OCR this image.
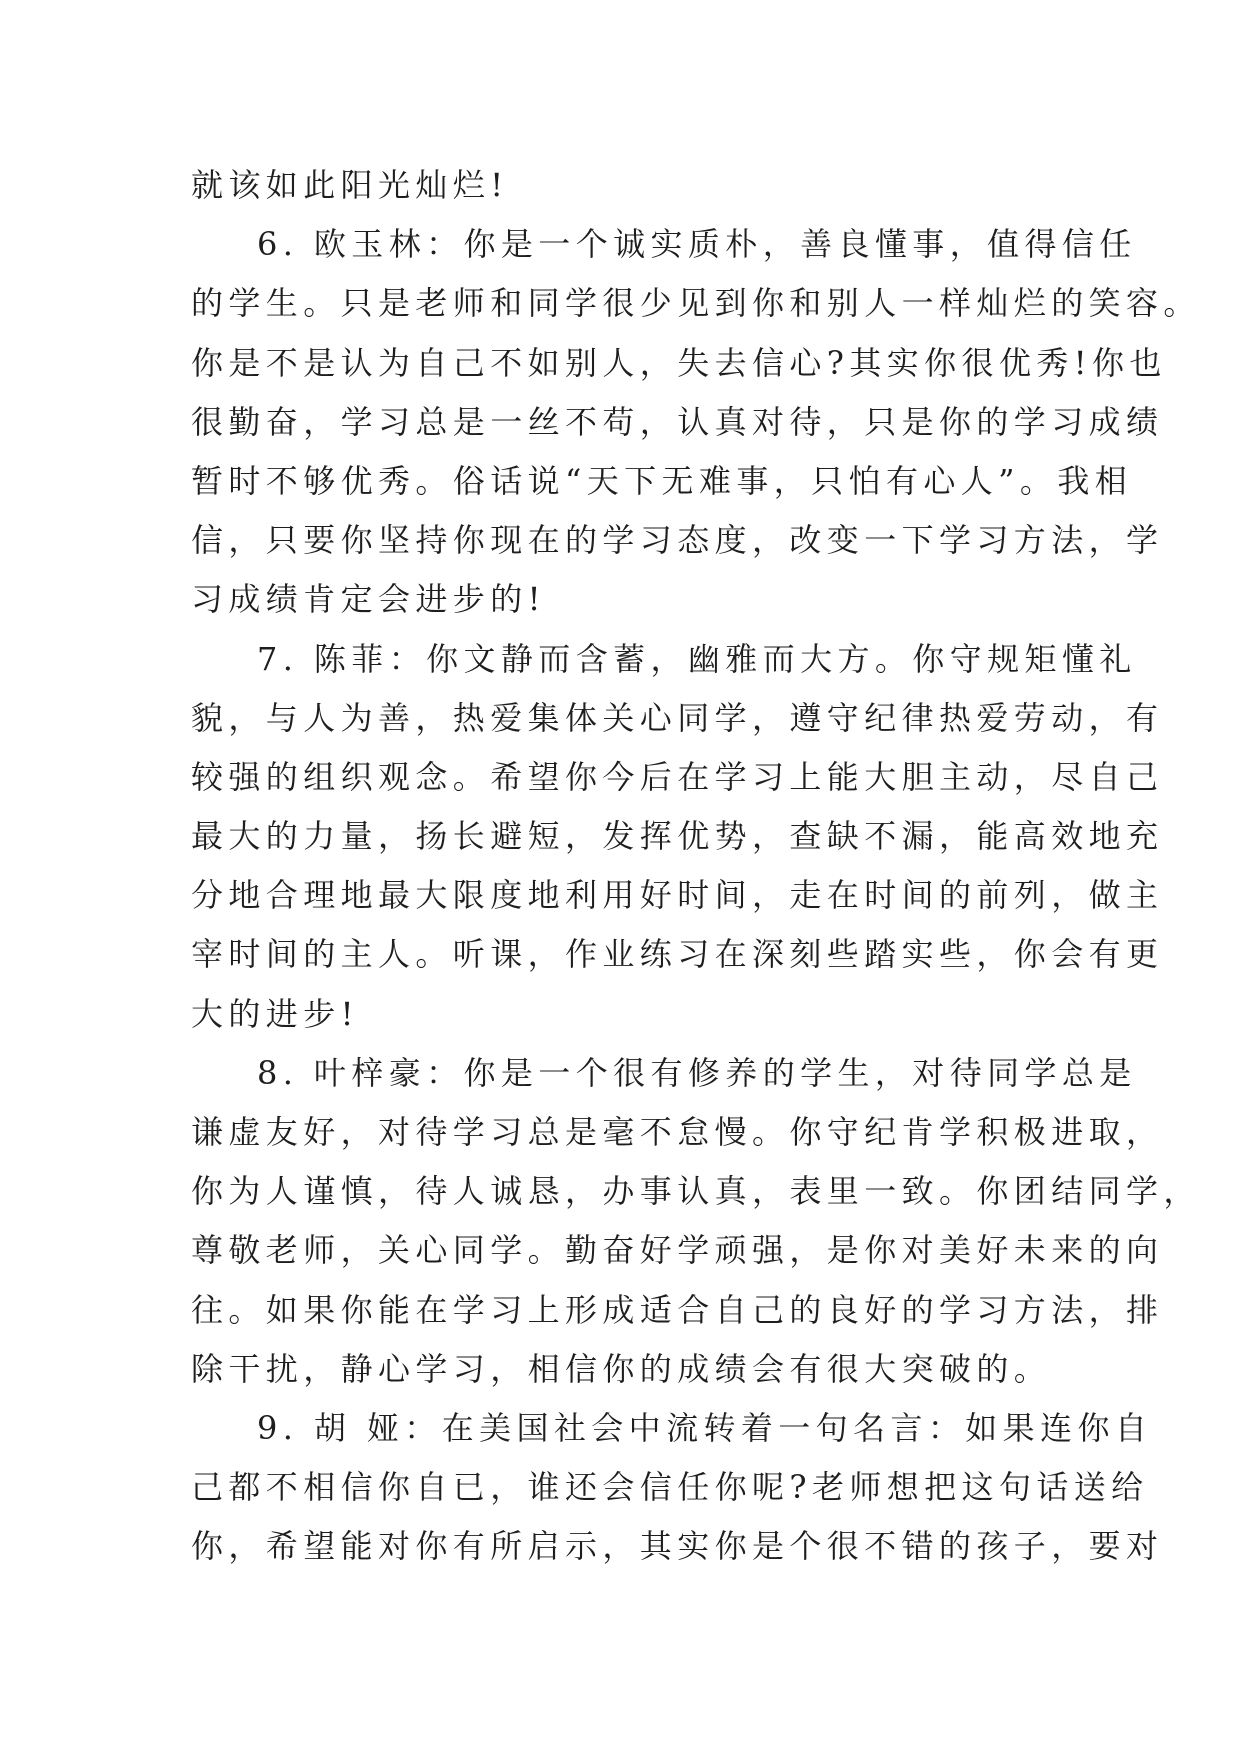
就该如此阳光灿烂!
6. 欧玉林：你是一个诚实质朴，善良懂事，值得信任
的学生。只是老师和同学很少见到你和别人一样灿烂的笑容。
你是不是认为自己不如别人，失去信心?其实你很优秀!你也
很勤奋，学习总是一丝不苟，认真对待，只是你的学习成绩
暂时不够优秀。俗话说“天下无难事，只怕有心人”。我相
信，只要你坚持你现在的学习态度，改变一下学习方法，学
习成绩肯定会进步的!
7. 陈菲：你文静而含蓄，幽雅而大方。你守规矩懂礼
貌，与人为善，热爱集体关心同学，遵守纪律热爱劳动，有
较强的组织观念。希望你今后在学习上能大胆主动，尽自己
最大的力量，扬长避短，发挥优势，查缺不漏，能高效地充
分地合理地最大限度地利用好时间，走在时间的前列，做主
宰时间的主人。听课，作业练习在深刻些踏实些，你会有更
大的进步!
8. 叶梓豪：你是一个很有修养的学生，对待同学总是
谦虚友好，对待学习总是毫不怠慢。你守纪肯学积极进取，
你为人谨慎，待人诚恳，办事认真，表里一致。你团结同学，
尊敬老师，关心同学。勤奋好学顽强，是你对美好未来的向
往。如果你能在学习上形成适合自己的良好的学习方法，排
除干扰，静心学习，相信你的成绩会有很大突破的。
9. 胡 娅：在美国社会中流转着一句名言：如果连你自
己都不相信你自已，谁还会信任你呢?老师想把这句话送给
你，希望能对你有所启示，其实你是个很不错的孩子，要对
